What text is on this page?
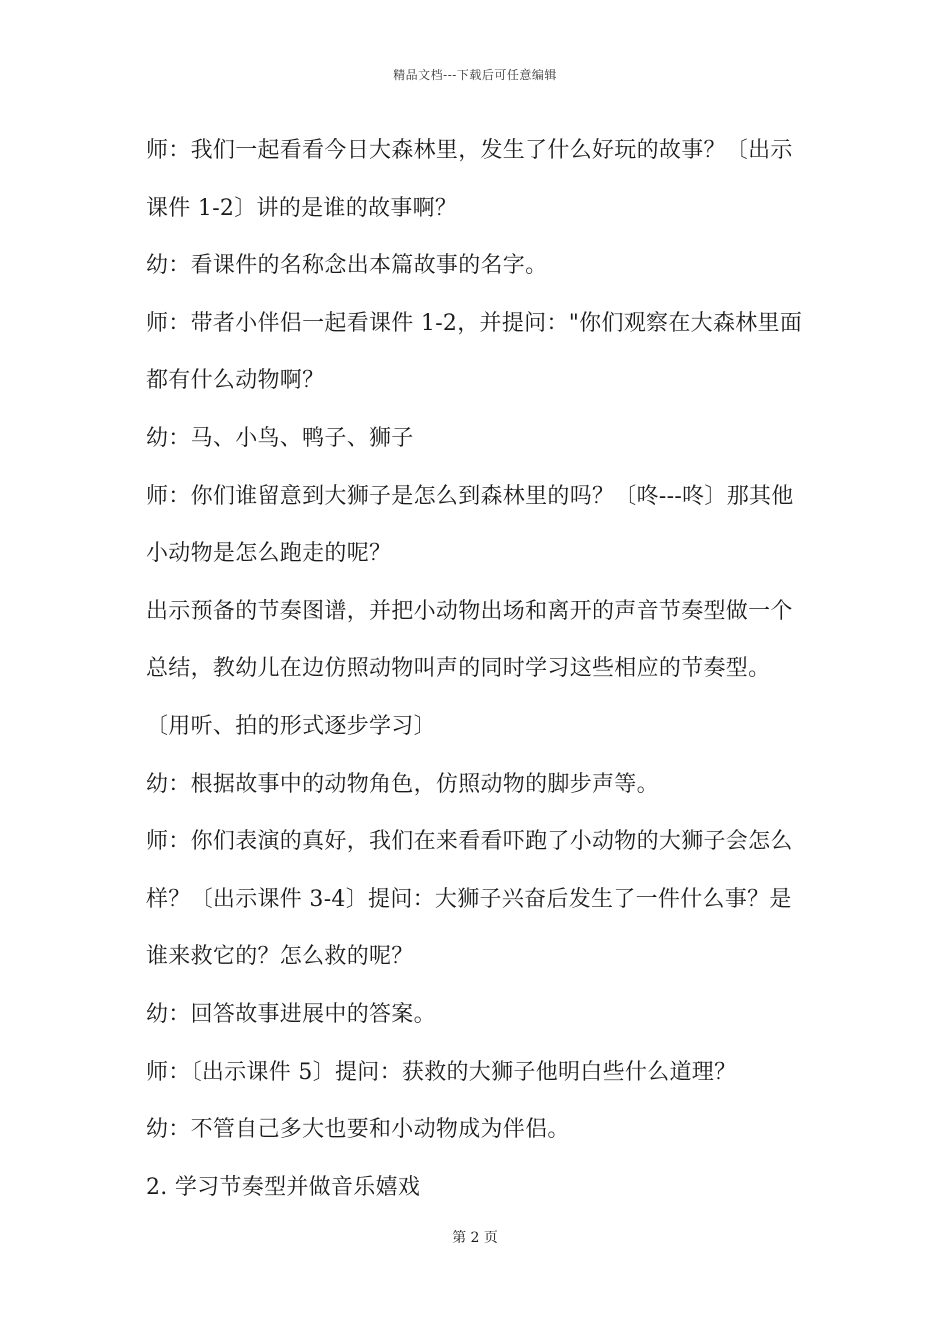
精品文档---下载后可任意编辑
师：我们一起看看今日大森林里，发生了什么好玩的故事？〔出示
课件 1-2〕讲的是谁的故事啊？
幼：看课件的名称念出本篇故事的名字。
师：带者小伴侣一起看课件 1-2，并提问："你们观察在大森林里面
都有什么动物啊？
幼：马、小鸟、鸭子、狮子
师：你们谁留意到大狮子是怎么到森林里的吗？〔咚---咚〕那其他
小动物是怎么跑走的呢？
出示预备的节奏图谱，并把小动物出场和离开的声音节奏型做一个
总结，教幼儿在边仿照动物叫声的同时学习这些相应的节奏型。
〔用听、拍的形式逐步学习〕
幼：根据故事中的动物角色，仿照动物的脚步声等。
师：你们表演的真好，我们在来看看吓跑了小动物的大狮子会怎么
样？〔出示课件 3-4〕提问：大狮子兴奋后发生了一件什么事？是
谁来救它的？怎么救的呢？
幼：回答故事进展中的答案。
师：〔出示课件 5〕提问：获救的大狮子他明白些什么道理？
幼：不管自己多大也要和小动物成为伴侣。
2. 学习节奏型并做音乐嬉戏
第 2 页
